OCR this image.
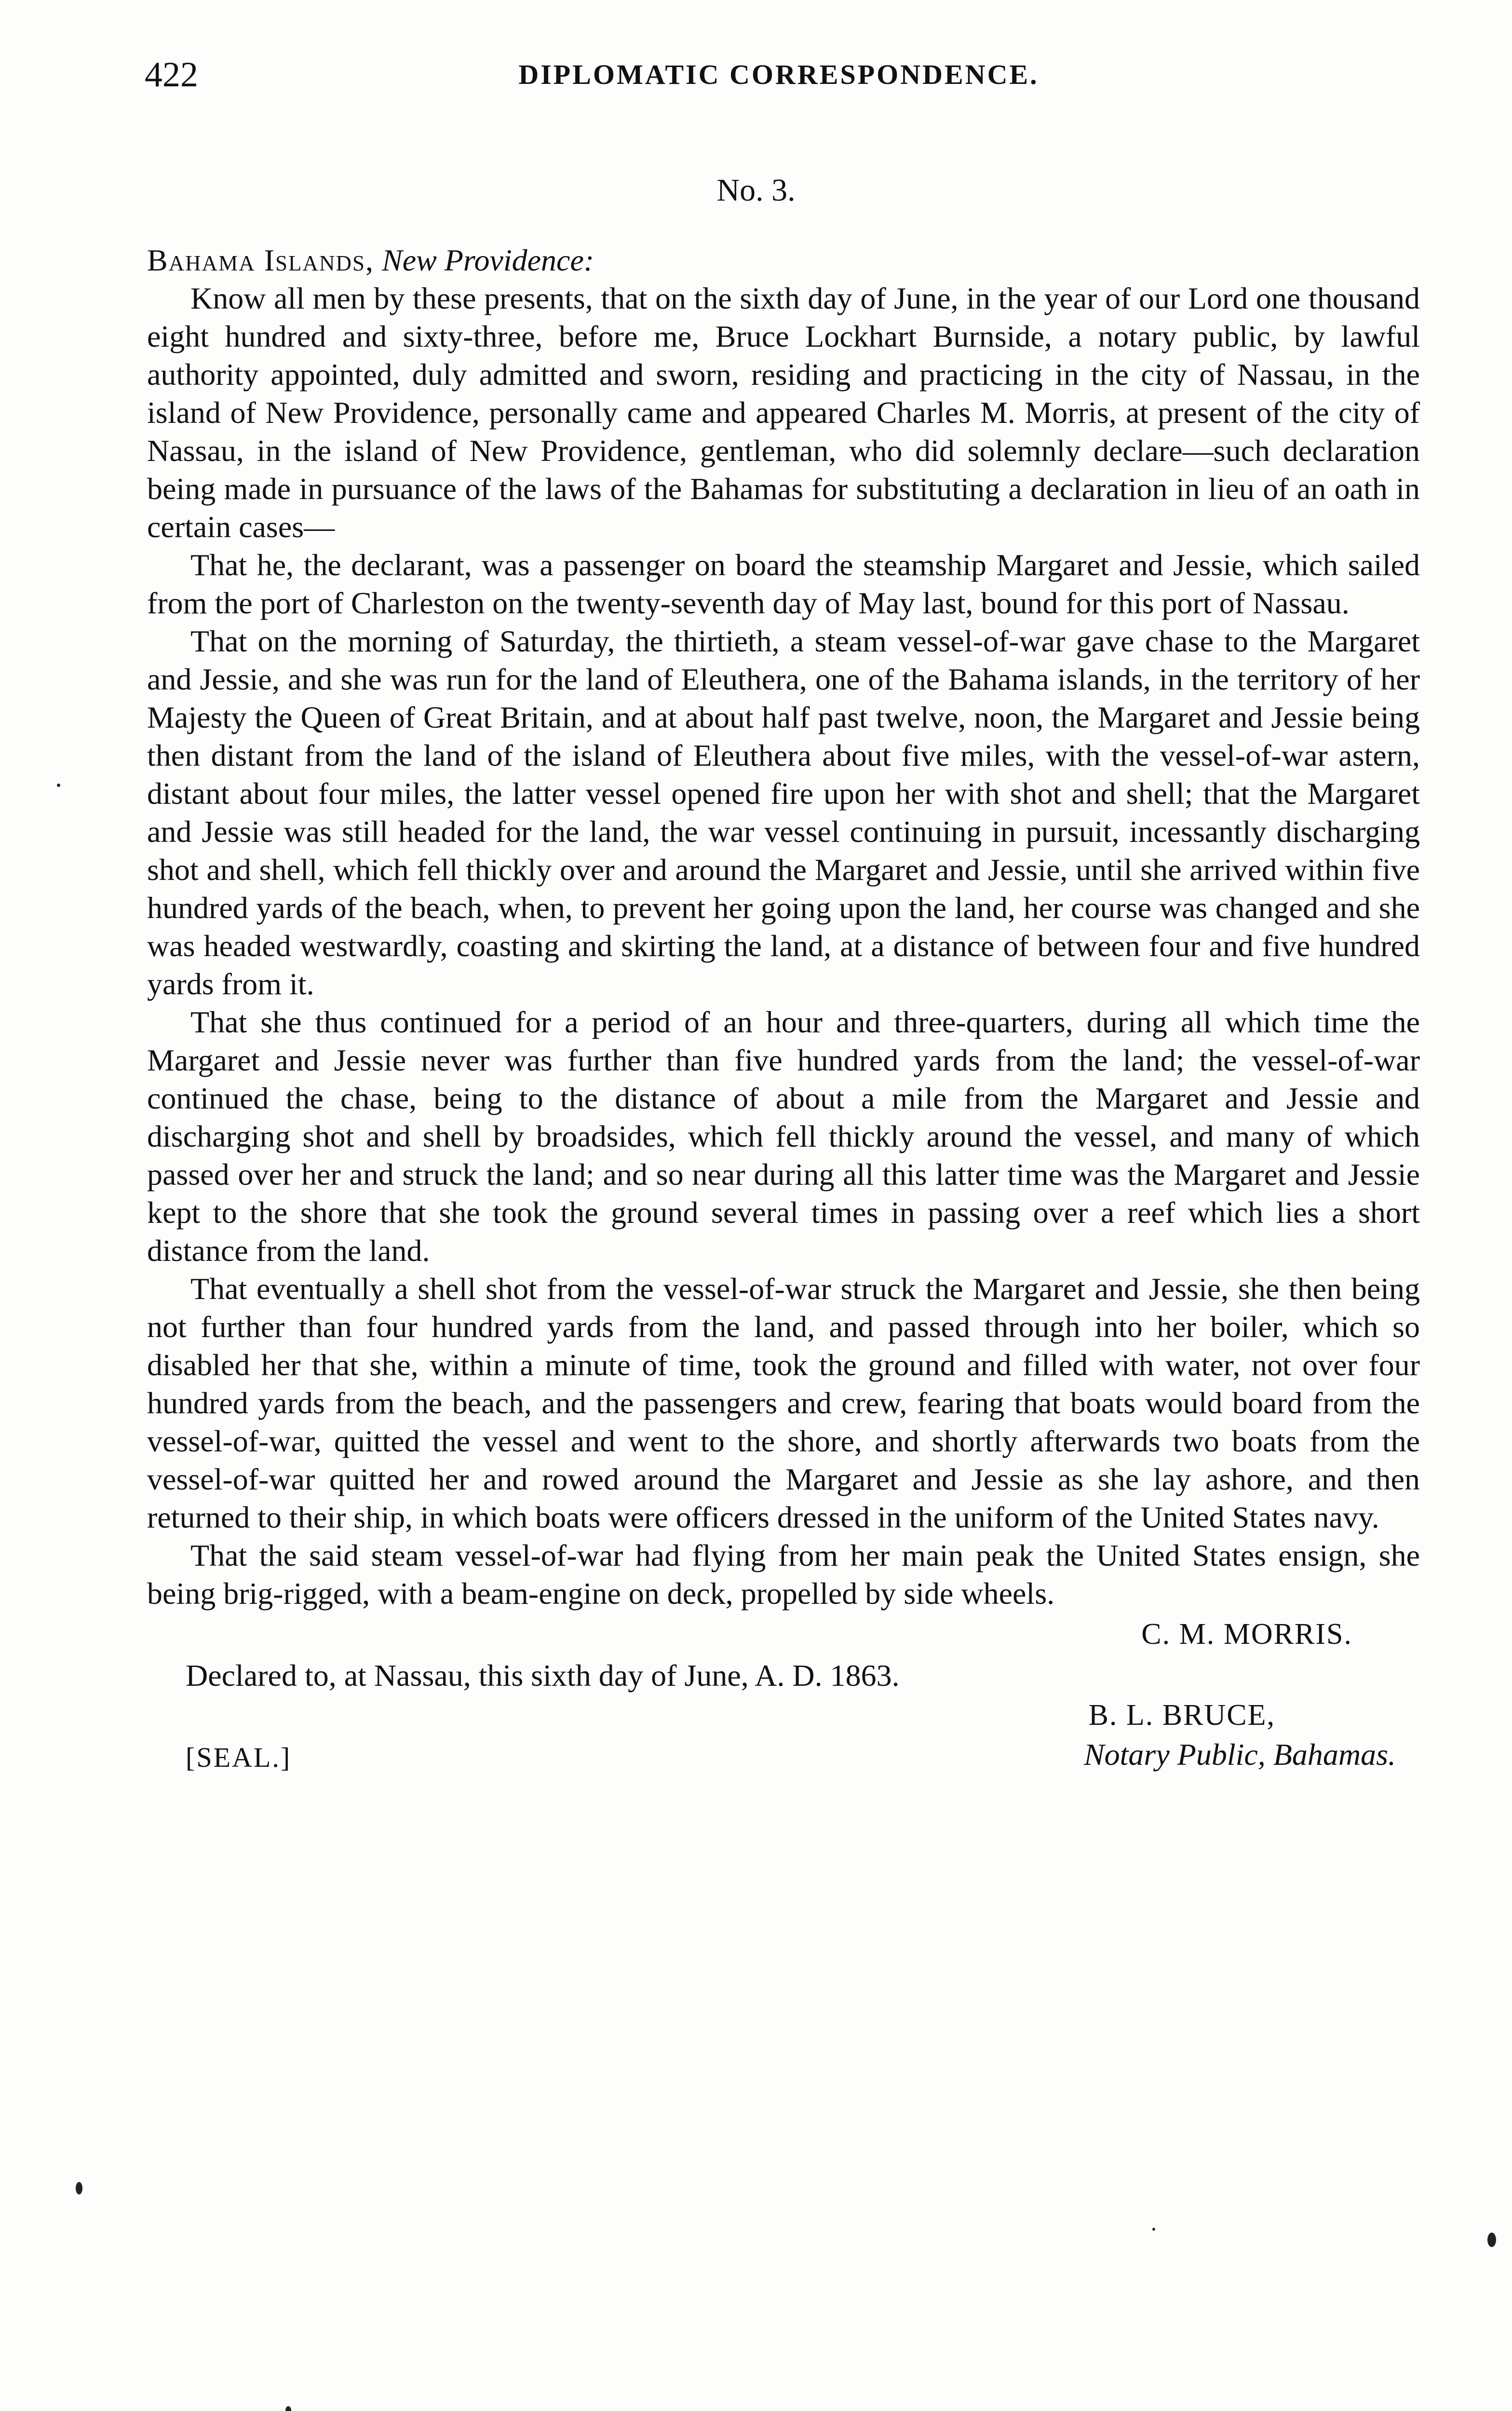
422	DIPLOMATIC CORRESPONDENCE.
No. 3.

Bahama Islands, New Providence:

Know all men by these presents, that on the sixth day of June, in the year of our Lord one thousand eight hundred and sixty-three, before me, Bruce Lockhart Burnside, a notary public, by lawful authority appointed, duly admitted and sworn, residing and practicing in the city of Nassau, in the island of New Providence, personally came and appeared Charles M. Morris, at present of the city of Nassau, in the island of New Providence, gentleman, who did solemnly declare—such declaration being made in pursuance of the laws of the Bahamas for substituting a declaration in lieu of an oath in certain cases—

That he, the declarant, was a passenger on board the steamship Margaret and Jessie, which sailed from the port of Charleston on the twenty-seventh day of May last, bound for this port of Nassau.

That on the morning of Saturday, the thirtieth, a steam vessel-of-war gave chase to the Margaret and Jessie, and she was run for the land of Eleuthera, one of the Bahama islands, in the territory of her Majesty the Queen of Great Britain, and at about half past twelve, noon, the Margaret and Jessie being then distant from the land of the island of Eleuthera about five miles, with the vessel-of-war astern, distant about four miles, the latter vessel opened fire upon her with shot and shell; that the Margaret and Jessie was still headed for the land, the war vessel continuing in pursuit, incessantly discharging shot and shell, which fell thickly over and around the Margaret and Jessie, until she arrived within five hundred yards of the beach, when, to prevent her going upon the land, her course was changed and she was headed westwardly, coasting and skirting the land, at a distance of between four and five hundred yards from it.

That she thus continued for a period of an hour and three-quarters, during all which time the Margaret and Jessie never was further than five hundred yards from the land; the vessel-of-war continued the chase, being to the distance of about a mile from the Margaret and Jessie and discharging shot and shell by broadsides, which fell thickly around the vessel, and many of which passed over her and struck the land; and so near during all this latter time was the Margaret and Jessie kept to the shore that she took the ground several times in passing over a reef which lies a short distance from the land.

That eventually a shell shot from the vessel-of-war struck the Margaret and Jessie, she then being not further than four hundred yards from the land, and passed through into her boiler, which so disabled her that she, within a minute of time, took the ground and filled with water, not over four hundred yards from the beach, and the passengers and crew, fearing that boats would board from the vessel-of-war, quitted the vessel and went to the shore, and shortly afterwards two boats from the vessel-of-war quitted her and rowed around the Margaret and Jessie as she lay ashore, and then returned to their ship, in which boats were officers dressed in the uniform of the United States navy.

That the said steam vessel-of-war had flying from her main peak the United States ensign, she being brig-rigged, with a beam-engine on deck, propelled by side wheels.

C. M. MORRIS.

Declared to, at Nassau, this sixth day of June, A. D. 1863.

B. L. BRUCE,
[SEAL.]	Notary Public, Bahamas.
